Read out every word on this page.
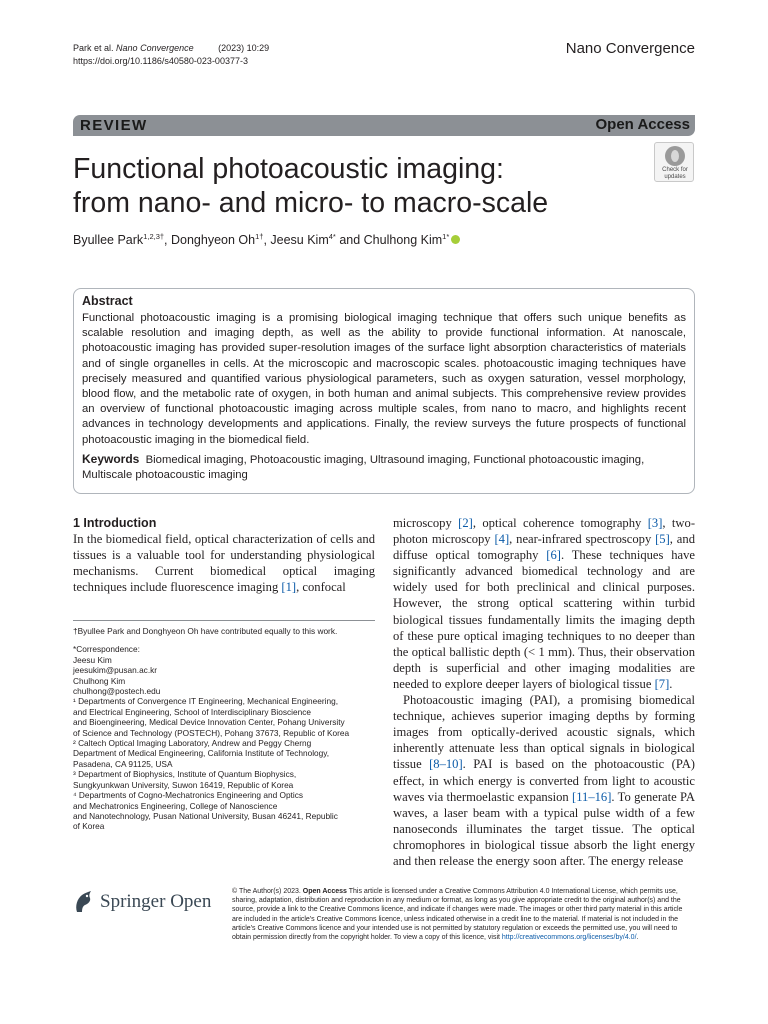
Park et al. Nano Convergence	(2023) 10:29
https://doi.org/10.1186/s40580-023-00377-3
Nano Convergence
REVIEW	Open Access
Check for
updates
Functional photoacoustic imaging:
from nano- and micro- to macro-scale
Byullee Park$^{1,2,3\dagger}$, Donghyeon $Oh^{1\dagger}$, Jeesu Kim$^{4*}$ and Chulhong Kim$^{1*}$
Abstract
Functional photoacoustic imaging is a promising biological imaging technique that offers such unique benefits as scalable resolution and imaging depth, as well as the ability to provide functional information. At nanoscale, photoacoustic imaging has provided super-resolution images of the surface light absorption characteristics of materials and of single organelles in cells. At the microscopic and macroscopic scales. photoacoustic imaging techniques have precisely measured and quantified various physiological parameters, such as oxygen saturation, vessel morphology, blood flow, and the metabolic rate of oxygen, in both human and animal subjects. This comprehensive review provides an overview of functional photoacoustic imaging across multiple scales, from nano to macro, and highlights recent advances in technology developments and applications. Finally, the review surveys the future prospects of functional photoacoustic imaging in the biomedical field.
Keywords Biomedical imaging, Photoacoustic imaging, Ultrasound imaging, Functional photoacoustic imaging, Multiscale photoacoustic imaging
1 Introduction

In the biomedical field, optical characterization of cells and tissues is a valuable tool for understanding physiological mechanisms. Current biomedical optical imaging techniques include fluorescence imaging [1], confocal

†Byullee Park and Donghyeon Oh have contributed equally to this work.
*Correspondence:
Jeesu Kim
jeesukim@pusan.ac.kr
Chulhong Kim
chulhong@postech.edu
¹ Departments of Convergence IT Engineering, Mechanical Engineering,
and Electrical Engineering, School of Interdisciplinary Bioscience
and Bioengineering, Medical Device Innovation Center, Pohang University
of Science and Technology (POSTECH), Pohang 37673, Republic of Korea
² Caltech Optical Imaging Laboratory, Andrew and Peggy Cherng
Department of Medical Engineering, California Institute of Technology,
Pasadena, CA 91125, USA
³ Department of Biophysics, Institute of Quantum Biophysics,
Sungkyunkwan University, Suwon 16419, Republic of Korea
⁴ Departments of Cogno-Mechatronics Engineering and Optics
and Mechatronics Engineering, College of Nanoscience
and Nanotechnology, Pusan National University, Busan 46241, Republic
of Korea

microscopy [2], optical coherence tomography [3], two-photon microscopy [4], near-infrared spectroscopy [5], and diffuse optical tomography [6]. These techniques have significantly advanced biomedical technology and are widely used for both preclinical and clinical purposes. However, the strong optical scattering within turbid biological tissues fundamentally limits the imaging depth of these pure optical imaging techniques to no deeper than the optical ballistic depth (< 1 mm). Thus, their observation depth is superficial and other imaging modalities are needed to explore deeper layers of biological tissue [7].

Photoacoustic imaging (PAI), a promising biomedical technique, achieves superior imaging depths by forming images from optically-derived acoustic signals, which inherently attenuate less than optical signals in biological tissue [8–10]. PAI is based on the photoacoustic (PA) effect, in which energy is converted from light to acoustic waves via thermoelastic expansion [11–16]. To generate PA waves, a laser beam with a typical pulse width of a few nanoseconds illuminates the target tissue. The optical chromophores in biological tissue absorb the light energy and then release the energy soon after. The energy release

Springer Open	© The Author(s) 2023. Open Access This article is licensed under a Creative Commons Attribution 4.0 International License, which permits use, sharing, adaptation, distribution and reproduction in any medium or format, as long as you give appropriate credit to the original author(s) and the source, provide a link to the Creative Commons licence, and indicate if changes were made. The images or other third party material in this article are included in the article's Creative Commons licence, unless indicated otherwise in a credit line to the material. If material is not included in the article's Creative Commons licence and your intended use is not permitted by statutory regulation or exceeds the permitted use, you will need to obtain permission directly from the copyright holder. To view a copy of this licence, visit http://creativecommons.org/licenses/by/4.0/.
